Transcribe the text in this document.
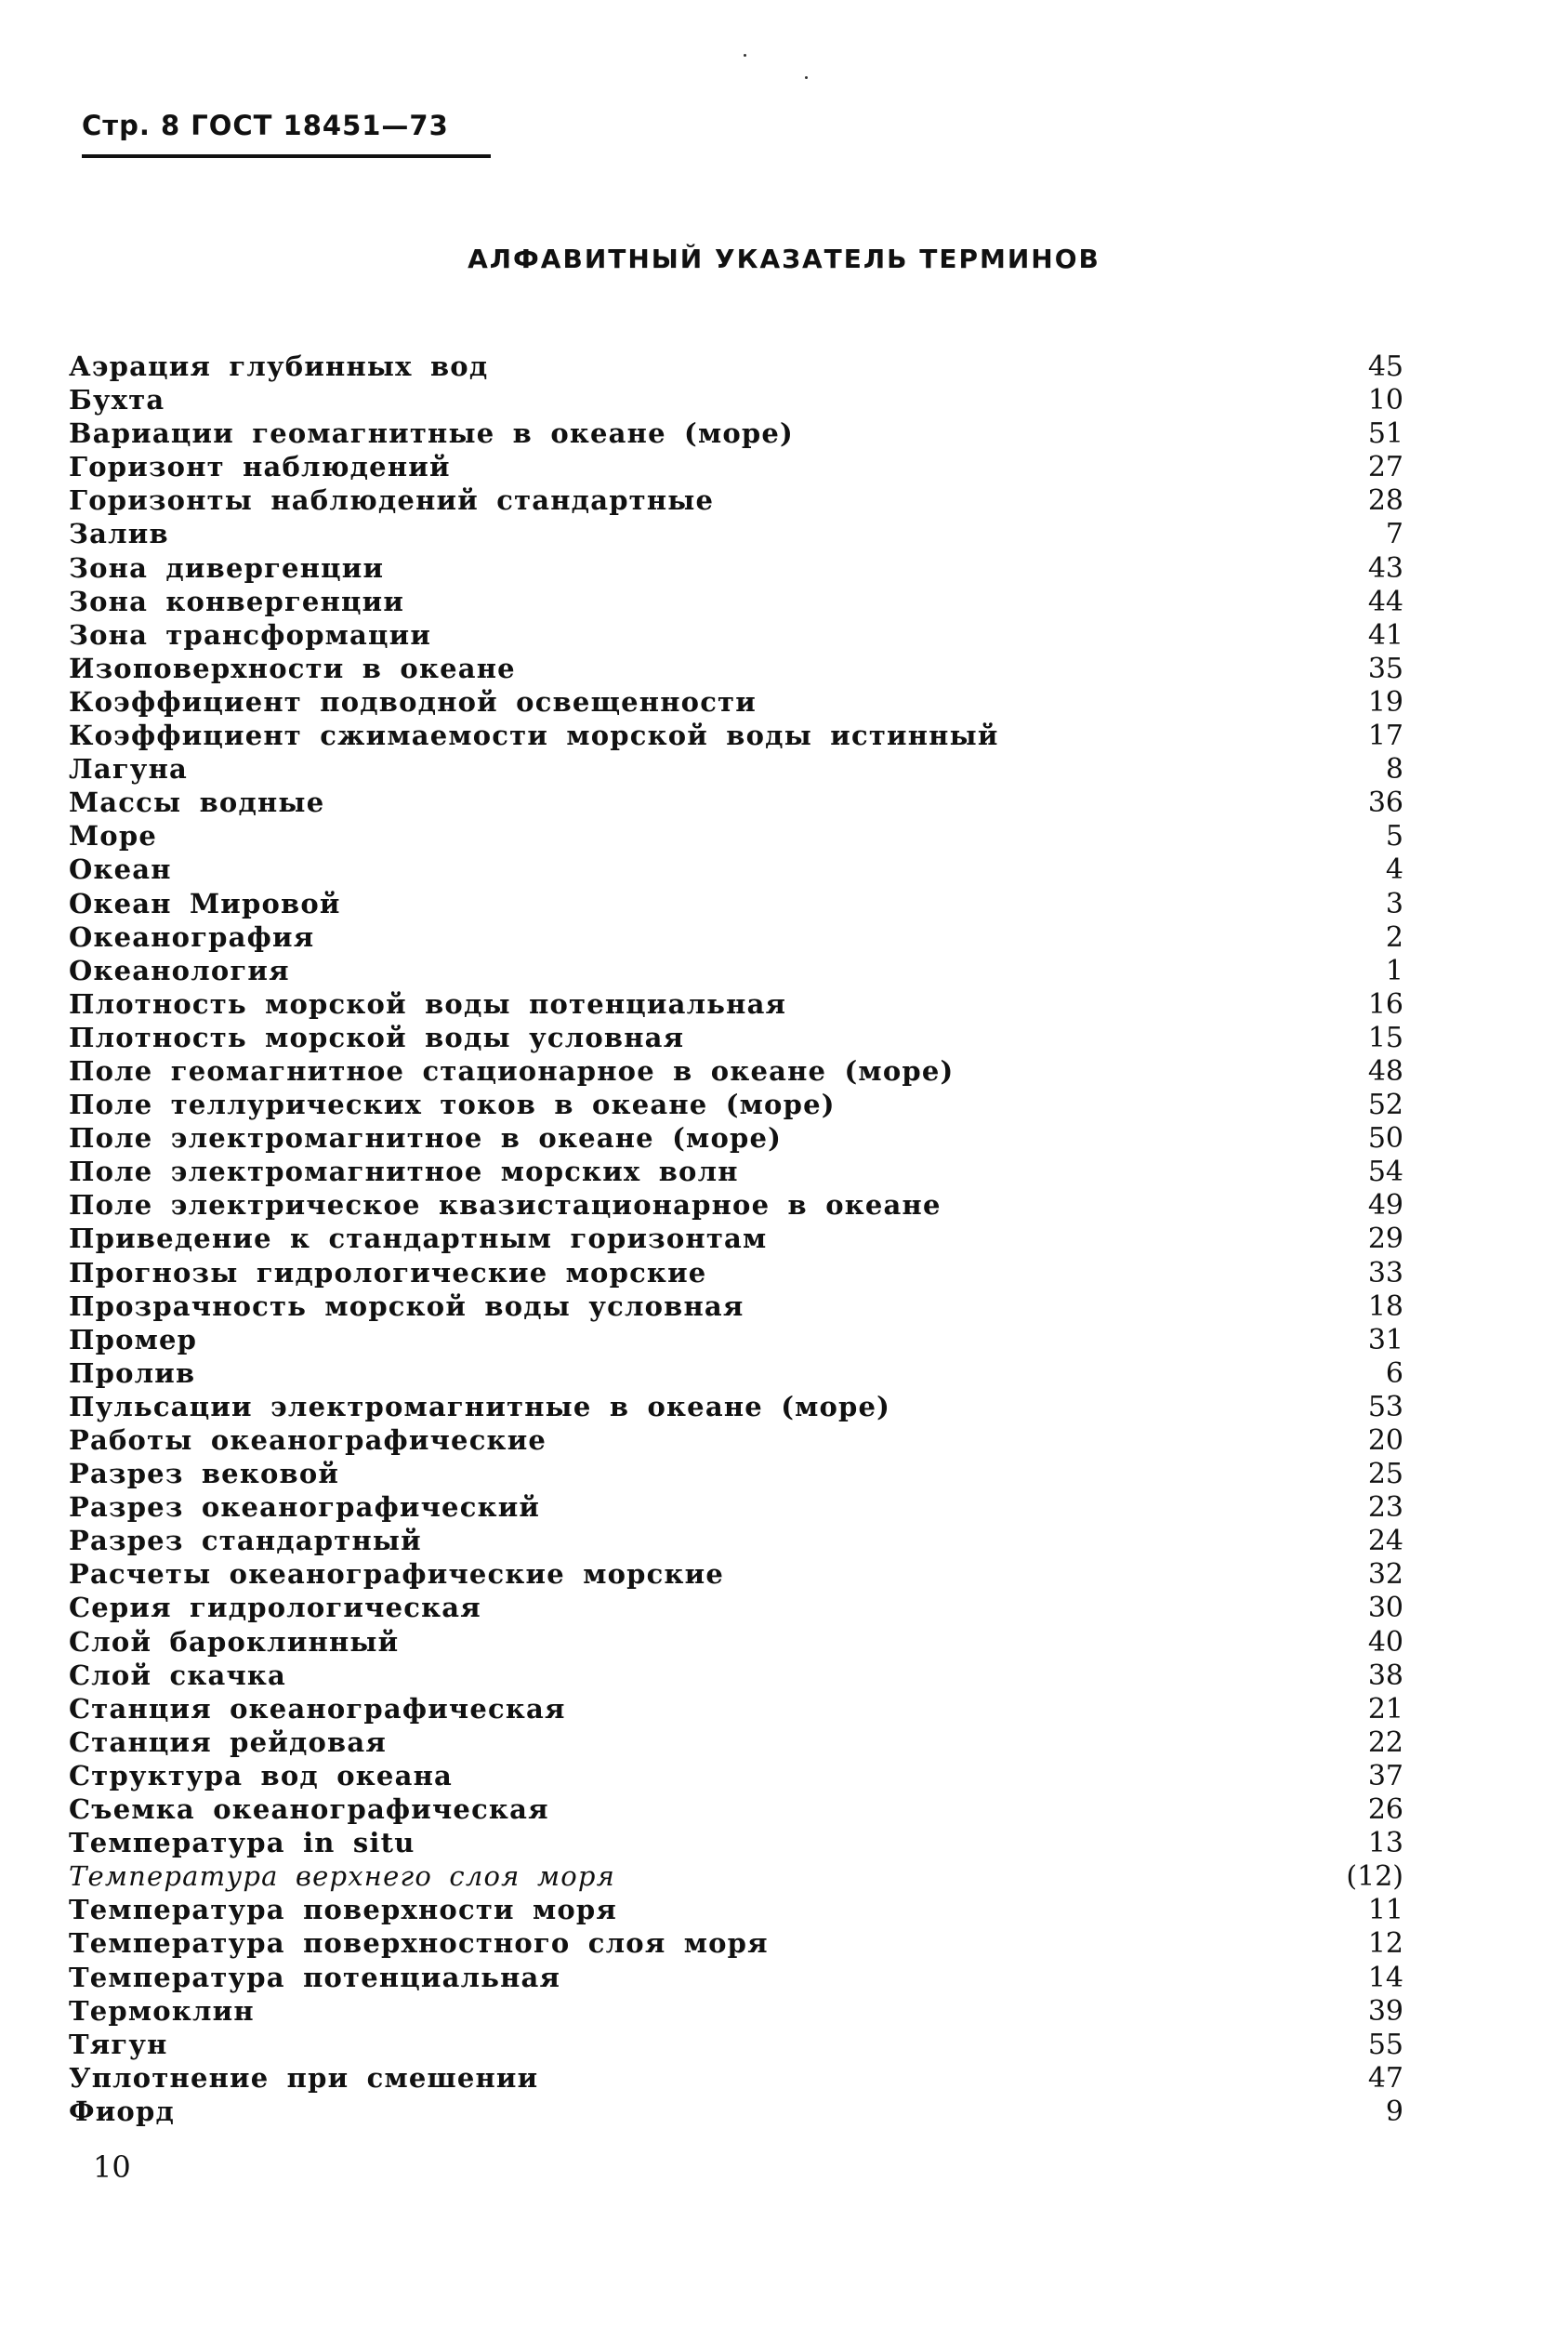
Стр. 8 ГОСТ 18451—73
АЛФАВИТНЫЙ УКАЗАТЕЛЬ ТЕРМИНОВ
Аэрация глубинных вод	45
Бухта	10
Вариации геомагнитные в океане (море)	51
Горизонт наблюдений	27
Горизонты наблюдений стандартные	28
Залив	7
Зона дивергенции	43
Зона конвергенции	44
Зона трансформации	41
Изоповерхности в океане	35
Коэффициент подводной освещенности	19
Коэффициент сжимаемости морской воды истинный	17
Лагуна	8
Массы водные	36
Море	5
Океан	4
Океан Мировой	3
Океанография	2
Океанология	1
Плотность морской воды потенциальная	16
Плотность морской воды условная	15
Поле геомагнитное стационарное в океане (море)	48
Поле теллурических токов в океане (море)	52
Поле электромагнитное в океане (море)	50
Поле электромагнитное морских волн	54
Поле электрическое квазистационарное в океане	49
Приведение к стандартным горизонтам	29
Прогнозы гидрологические морские	33
Прозрачность морской воды условная	18
Промер	31
Пролив	6
Пульсации электромагнитные в океане (море)	53
Работы океанографические	20
Разрез вековой	25
Разрез океанографический	23
Разрез стандартный	24
Расчеты океанографические морские	32
Серия гидрологическая	30
Слой бароклинный	40
Слой скачка	38
Станция океанографическая	21
Станция рейдовая	22
Структура вод океана	37
Съемка океанографическая	26
Температура in situ	13
Температура верхнего слоя моря	(12)
Температура поверхности моря	11
Температура поверхностного слоя моря	12
Температура потенциальная	14
Термоклин	39
Тягун	55
Уплотнение при смешении	47
Фиорд	9
10
